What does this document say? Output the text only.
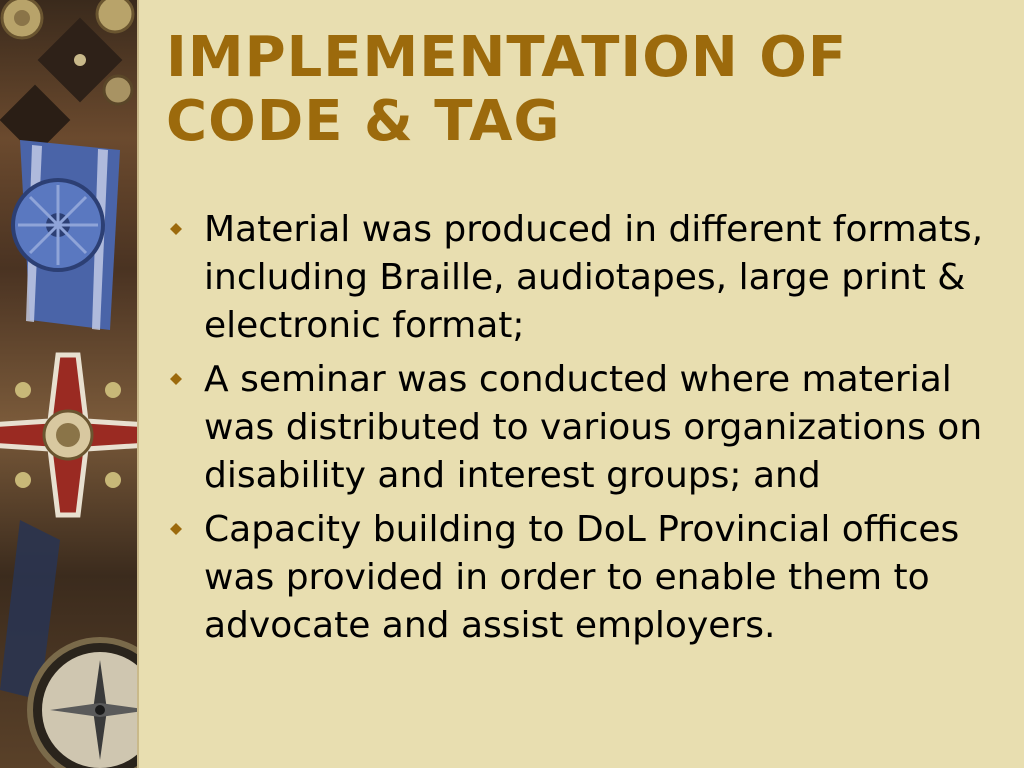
IMPLEMENTATION OF CODE & TAG
Material was produced in different formats, including Braille, audiotapes, large print & electronic format;
A seminar was conducted where material was distributed to various organizations on disability and interest groups; and
Capacity building to DoL Provincial offices was provided in order to enable them to advocate and assist employers.
